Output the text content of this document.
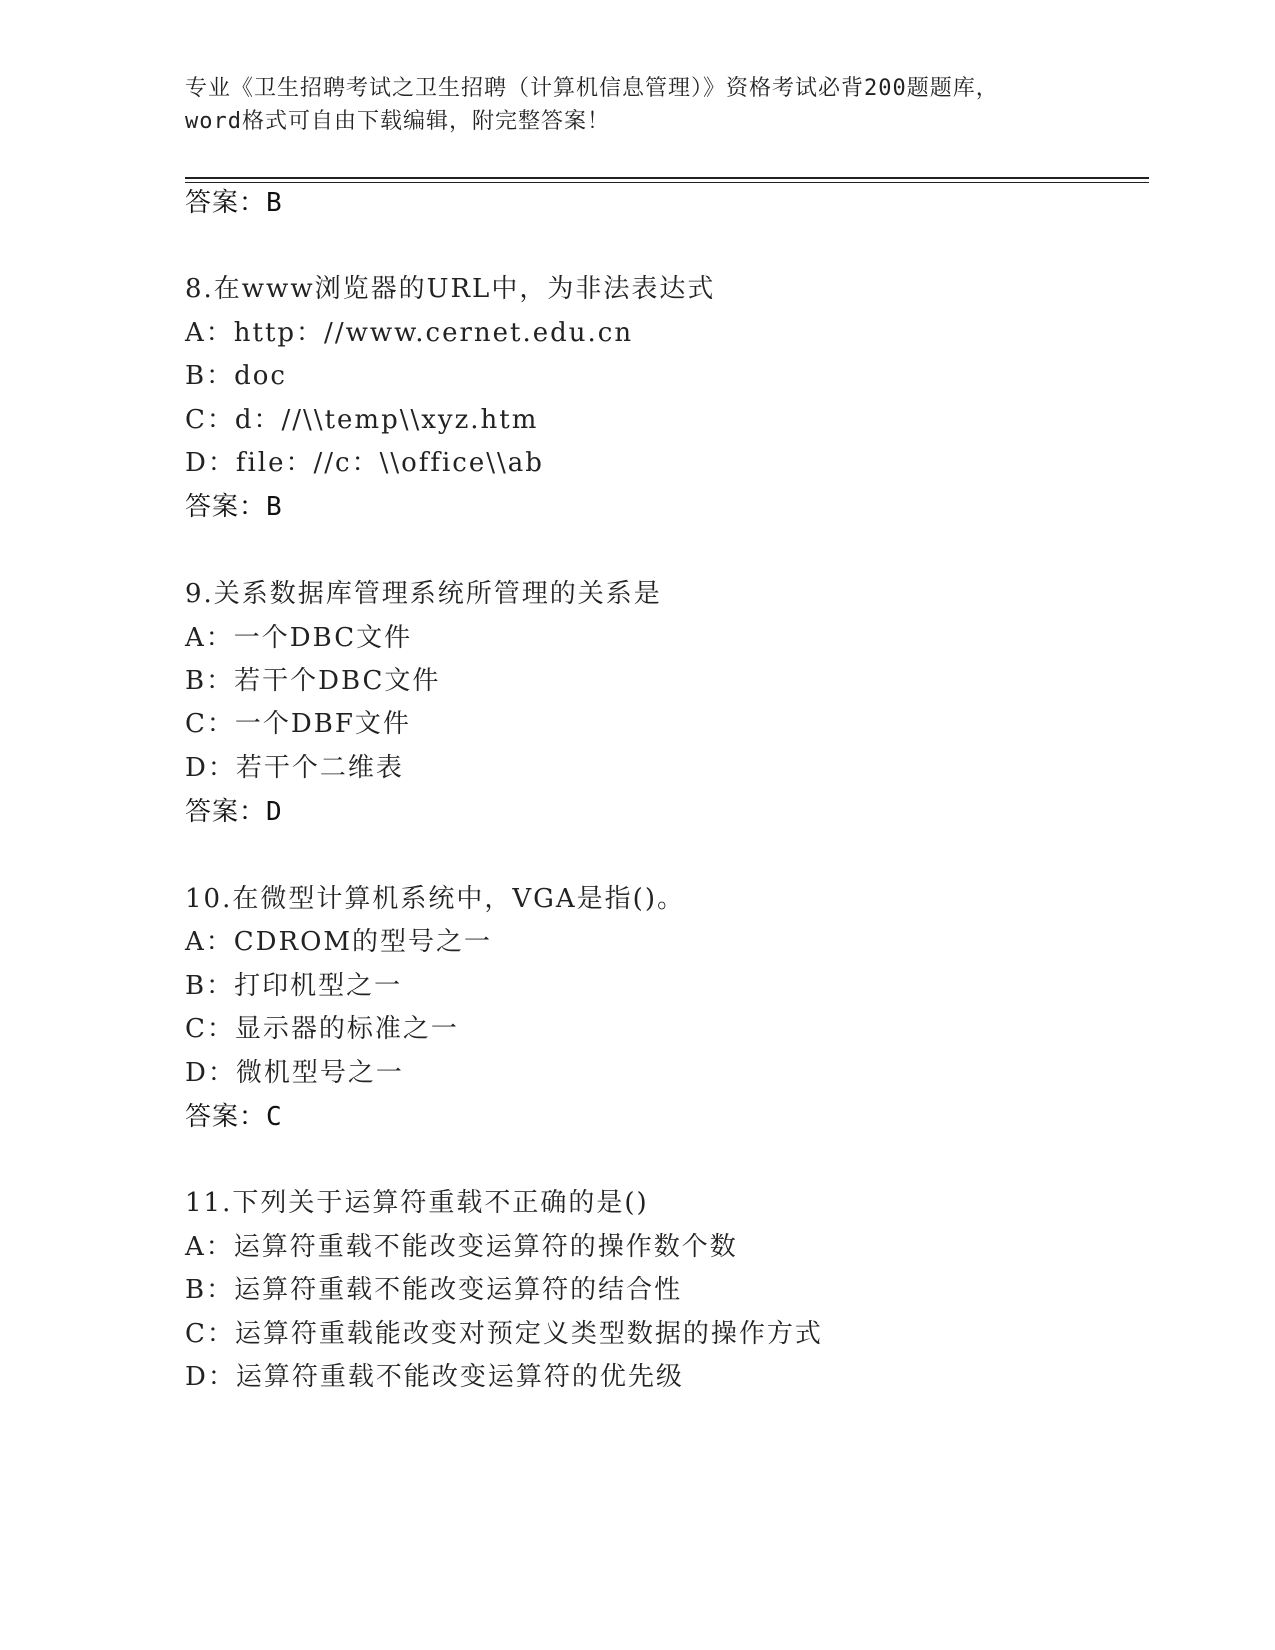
专业《卫生招聘考试之卫生招聘（计算机信息管理）》资格考试必背200题题库，
word格式可自由下载编辑，附完整答案！
答案：B
8.在www浏览器的URL中，为非法表达式
A：http：//www.cernet.edu.cn
B：doc
C：d：//\\temp\\xyz.htm
D：file：//c：\\office\\ab
答案：B
9.关系数据库管理系统所管理的关系是
A：一个DBC文件
B：若干个DBC文件
C：一个DBF文件
D：若干个二维表
答案：D
10.在微型计算机系统中，VGA是指()。
A：CDROM的型号之一
B：打印机型之一
C：显示器的标准之一
D：微机型号之一
答案：C
11.下列关于运算符重载不正确的是()
A：运算符重载不能改变运算符的操作数个数
B：运算符重载不能改变运算符的结合性
C：运算符重载能改变对预定义类型数据的操作方式
D：运算符重载不能改变运算符的优先级
